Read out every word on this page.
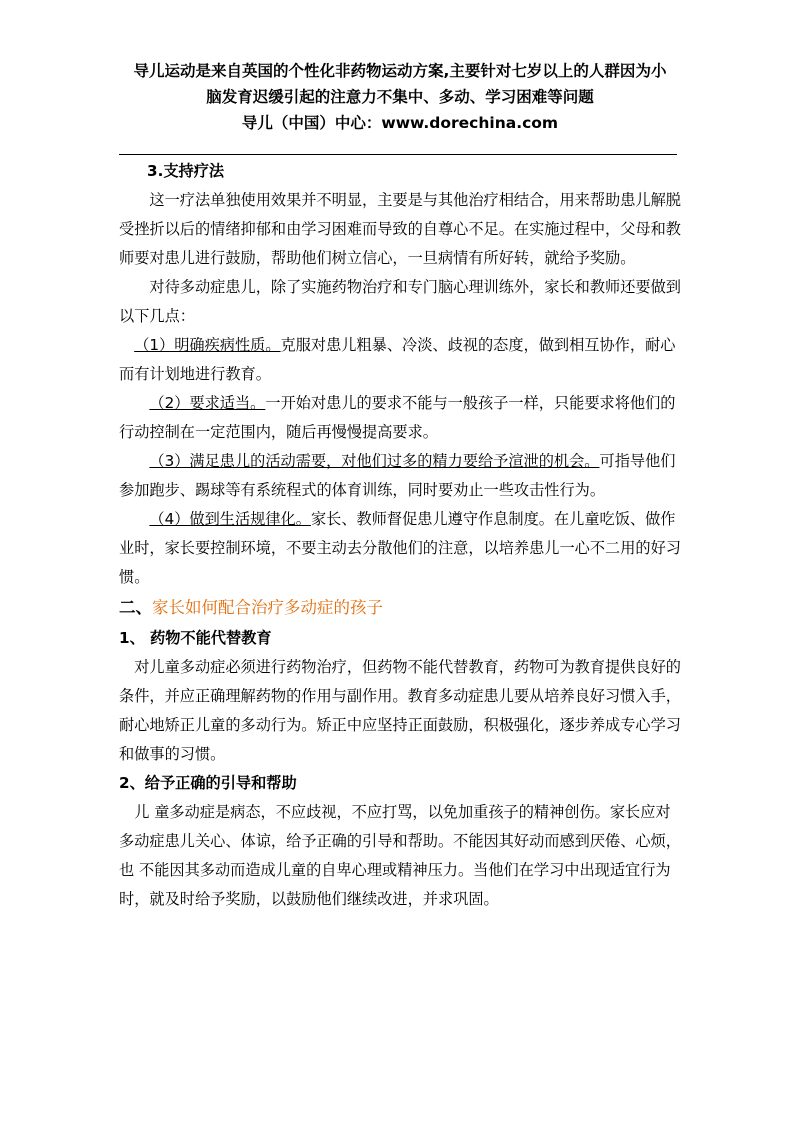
导儿运动是来自英国的个性化非药物运动方案,主要针对七岁以上的人群因为小
脑发育迟缓引起的注意力不集中、多动、学习困难等问题
导儿（中国）中心：www.dorechina.com

3.支持疗法

这一疗法单独使用效果并不明显，主要是与其他治疗相结合，用来帮助患儿解脱受挫折以后的情绪抑郁和由学习困难而导致的自尊心不足。在实施过程中，父母和教师要对患儿进行鼓励，帮助他们树立信心，一旦病情有所好转，就给予奖励。

对待多动症患儿，除了实施药物治疗和专门脑心理训练外，家长和教师还要做到以下几点：

（1）明确疾病性质。克服对患儿粗暴、冷淡、歧视的态度，做到相互协作，耐心而有计划地进行教育。

（2）要求适当。一开始对患儿的要求不能与一般孩子一样，只能要求将他们的行动控制在一定范围内，随后再慢慢提高要求。

（3）满足患儿的活动需要，对他们过多的精力要给予渲泄的机会。可指导他们参加跑步、踢球等有系统程式的体育训练，同时要劝止一些攻击性行为。

（4）做到生活规律化。家长、教师督促患儿遵守作息制度。在儿童吃饭、做作业时，家长要控制环境，不要主动去分散他们的注意，以培养患儿一心不二用的好习惯。

二、家长如何配合治疗多动症的孩子

1、 药物不能代替教育

对儿童多动症必须进行药物治疗，但药物不能代替教育，药物可为教育提供良好的条件，并应正确理解药物的作用与副作用。教育多动症患儿要从培养良好习惯入手，耐心地矫正儿童的多动行为。矫正中应坚持正面鼓励，积极强化，逐步养成专心学习和做事的习惯。

2、给予正确的引导和帮助

儿 童多动症是病态，不应歧视，不应打骂，以免加重孩子的精神创伤。家长应对多动症患儿关心、体谅，给予正确的引导和帮助。不能因其好动而感到厌倦、心烦，也 不能因其多动而造成儿童的自卑心理或精神压力。当他们在学习中出现适宜行为时，就及时给予奖励，以鼓励他们继续改进，并求巩固。
